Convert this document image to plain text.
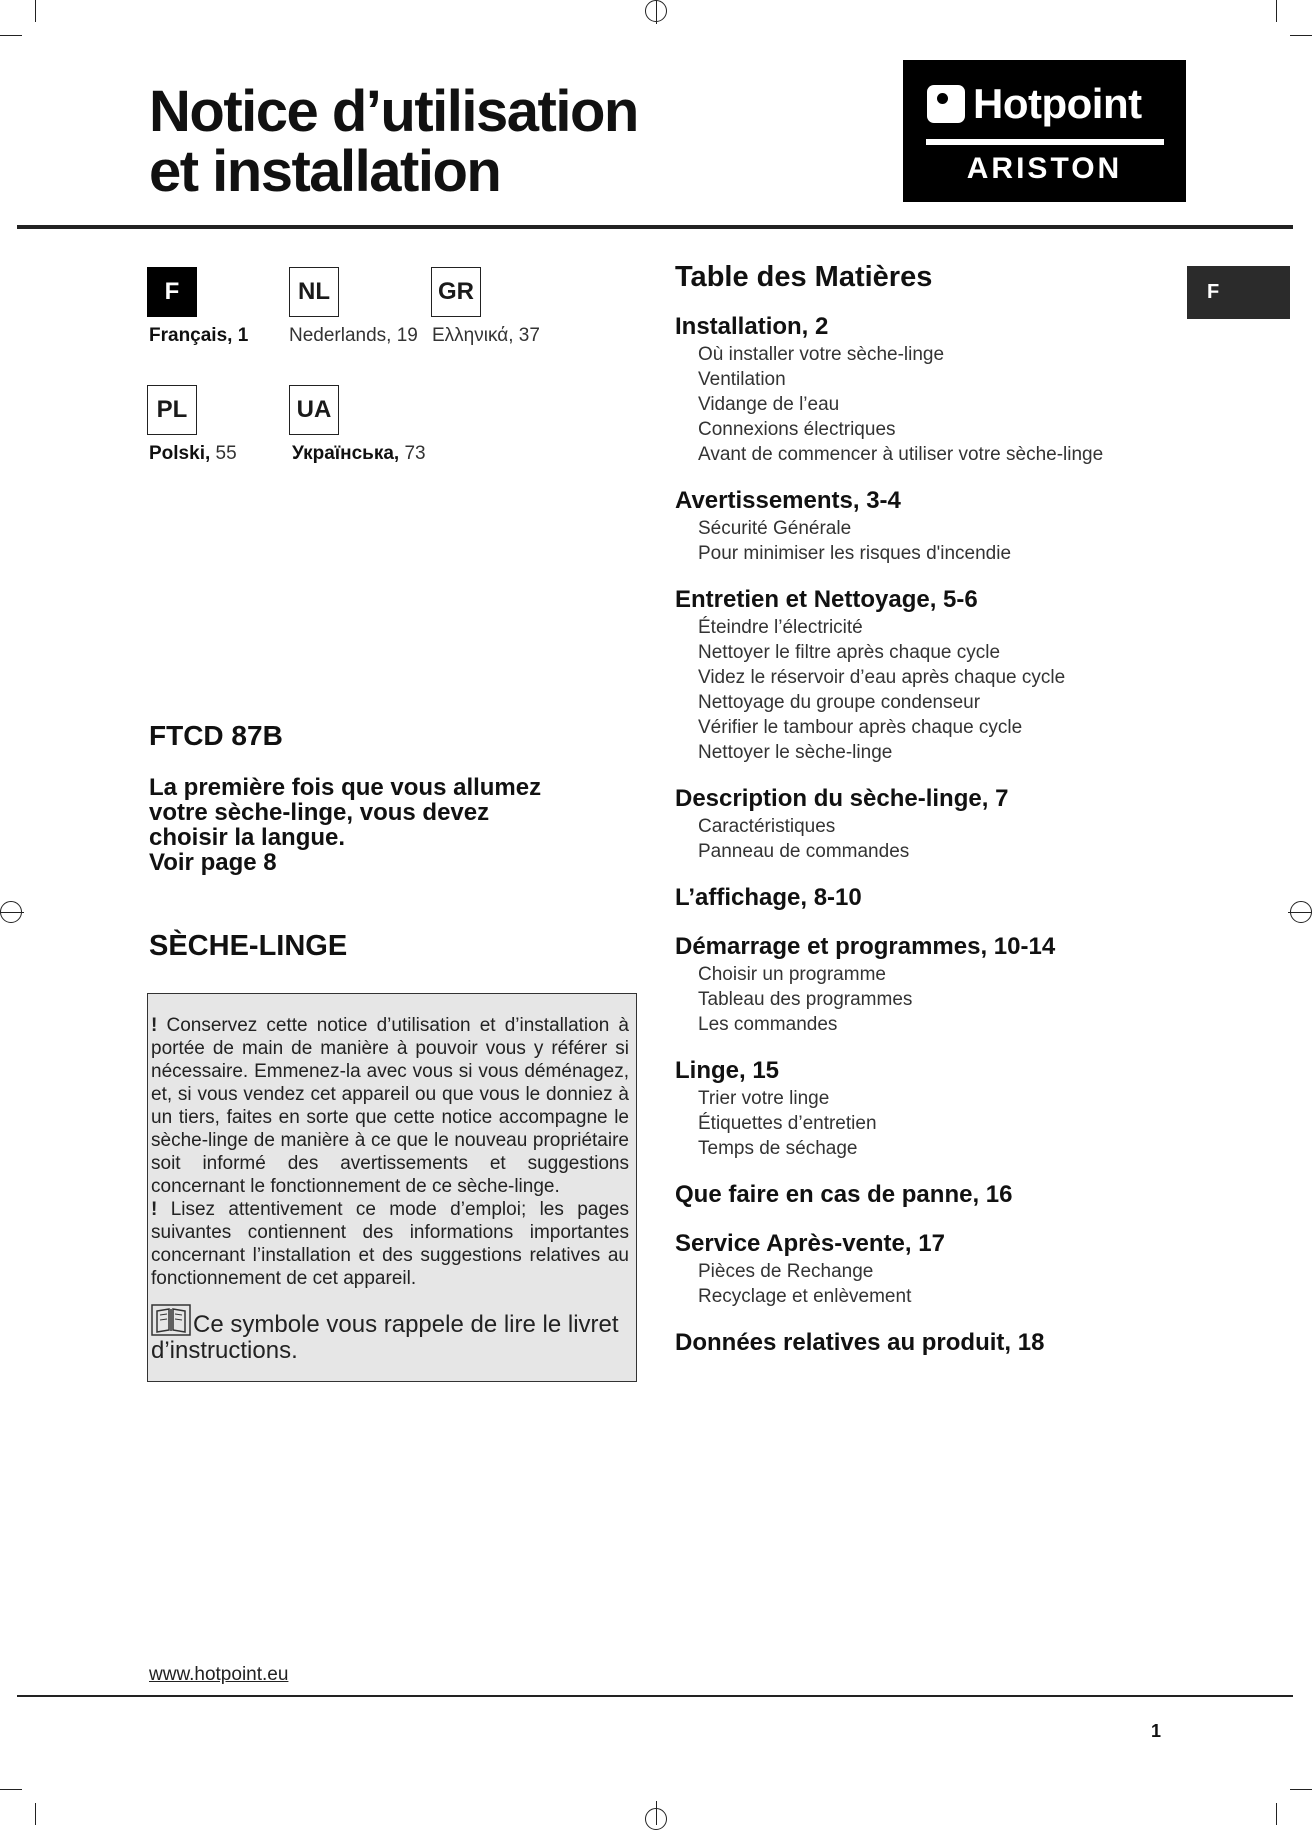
Notice d’utilisation
et installation
Hotpoint
ARISTON
F
Français, 1
NL
Nederlands, 19
GR
Ελληνικά, 37
PL
Polski, 55
UA
Українська, 73
FTCD 87B
La première fois que vous allumez
votre sèche-linge, vous devez
choisir la langue.
Voir page 8
SÈCHE-LINGE

! Conservez cette notice d’utilisation et d’installation à portée de main de manière à pouvoir vous y référer si nécessaire. Emmenez-la avec vous si vous déménagez, et, si vous vendez cet appareil ou que vous le donniez à un tiers, faites en sorte que cette notice accompagne le sèche-linge de manière à ce que le nouveau propriétaire soit informé des avertissements et suggestions concernant le fonctionnement de ce sèche-linge.

! Lisez attentivement ce mode d’emploi; les pages suivantes contiennent des informations importantes concernant l’installation et des suggestions relatives au fonctionnement de cet appareil.

Ce symbole vous rappele de lire le livret d’instructions.
Table des Matières
Installation, 2
Où installer votre sèche-linge
Ventilation
Vidange de l’eau
Connexions électriques
Avant de commencer à utiliser votre sèche-linge
Avertissements, 3-4
Sécurité Générale
Pour minimiser les risques d'incendie
Entretien et Nettoyage, 5-6
Éteindre l’électricité
Nettoyer le filtre après chaque cycle
Videz le réservoir d’eau après chaque cycle
Nettoyage du groupe condenseur
Vérifier le tambour après chaque cycle
Nettoyer le sèche-linge
Description du sèche-linge, 7
Caractéristiques
Panneau de commandes
L’affichage, 8-10
Démarrage et programmes, 10-14
Choisir un programme
Tableau des programmes
Les commandes
Linge, 15
Trier votre linge
Étiquettes d’entretien
Temps de séchage
Que faire en cas de panne, 16
Service Après-vente, 17
Pièces de Rechange
Recyclage et enlèvement
Données relatives au produit, 18
F
www.hotpoint.eu
1
